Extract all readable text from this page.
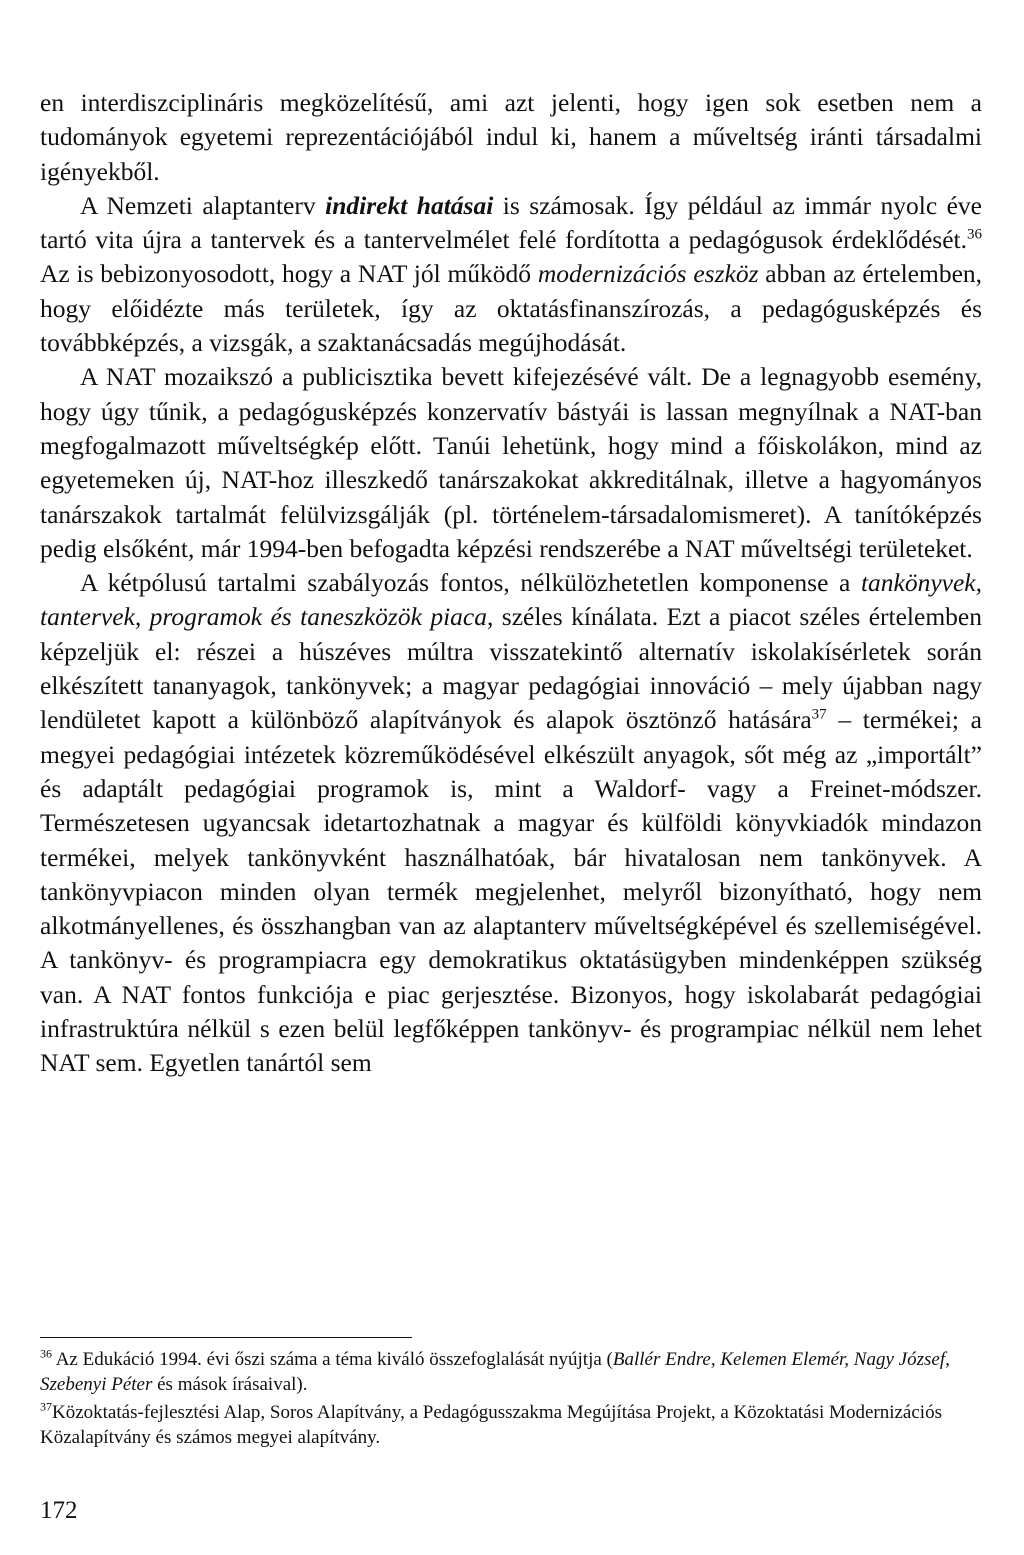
en interdiszciplináris megközelítésű, ami azt jelenti, hogy igen sok esetben nem a tudományok egyetemi reprezentációjából indul ki, hanem a műveltség iránti társadalmi igényekből.

A Nemzeti alaptanterv indirekt hatásai is számosak. Így például az immár nyolc éve tartó vita újra a tantervek és a tantervelmélet felé fordította a pedagógusok érdeklődését.$^{36}$ Az is bebizonyosodott, hogy a NAT jól működő modernizációs eszköz abban az értelemben, hogy előidézte más területek, így az oktatásfinanszírozás, a pedagógusképzés és továbbképzés, a vizsgák, a szaktanácsadás megújhodását.

A NAT mozaikszó a publicisztika bevett kifejezésévé vált. De a legnagyobb esemény, hogy úgy tűnik, a pedagógusképzés konzervatív bástyái is lassan megnyílnak a NAT-ban megfogalmazott műveltségkép előtt. Tanúi lehetünk, hogy mind a főiskolákon, mind az egyetemeken új, NAT-hoz illeszkedő tanárszakokat akkreditálnak, illetve a hagyományos tanárszakok tartalmát felülvizsgálják (pl. történelem-társadalomismeret). A tanítóképzés pedig elsőként, már 1994-ben befogadta képzési rendszerébe a NAT műveltségi területeket.

A kétpólusú tartalmi szabályozás fontos, nélkülözhetetlen komponense a tankönyvek, tantervek, programok és taneszközök piaca, széles kínálata. Ezt a piacot széles értelemben képzeljük el: részei a húszéves múltra visszatekintő alternatív iskolakísérletek során elkészített tananyagok, tankönyvek; a magyar pedagógiai innováció – mely újabban nagy lendületet kapott a különböző alapítványok és alapok ösztönző hatására$^{37}$ – termékei; a megyei pedagógiai intézetek közreműködésével elkészült anyagok, sőt még az „importált” és adaptált pedagógiai programok is, mint a Waldorf- vagy a Freinet-módszer. Természetesen ugyancsak idetartozhatnak a magyar és külföldi könyvkiadók mindazon termékei, melyek tankönyvként használhatóak, bár hivatalosan nem tankönyvek. A tankönyvpiacon minden olyan termék megjelenhet, melyről bizonyítható, hogy nem alkotmányellenes, és összhangban van az alaptanterv műveltségképével és szellemiségével. A tankönyv- és programpiacra egy demokratikus oktatásügyben mindenképpen szükség van. A NAT fontos funkciója e piac gerjesztése. Bizonyos, hogy iskolabarát pedagógiai infrastruktúra nélkül s ezen belül legfőképpen tankönyv- és programpiac nélkül nem lehet NAT sem. Egyetlen tanártól sem

$^{36}$ Az Edukáció 1994. évi őszi száma a téma kiváló összefoglalását nyújtja (Ballér Endre, Kelemen Elemér, Nagy József, Szebenyi Péter és mások írásaival).

$^{37}$Közoktatás-fejlesztési Alap, Soros Alapítvány, a Pedagógusszakma Megújítása Projekt, a Közoktatási Modernizációs Közalapítvány és számos megyei alapítvány.

172
